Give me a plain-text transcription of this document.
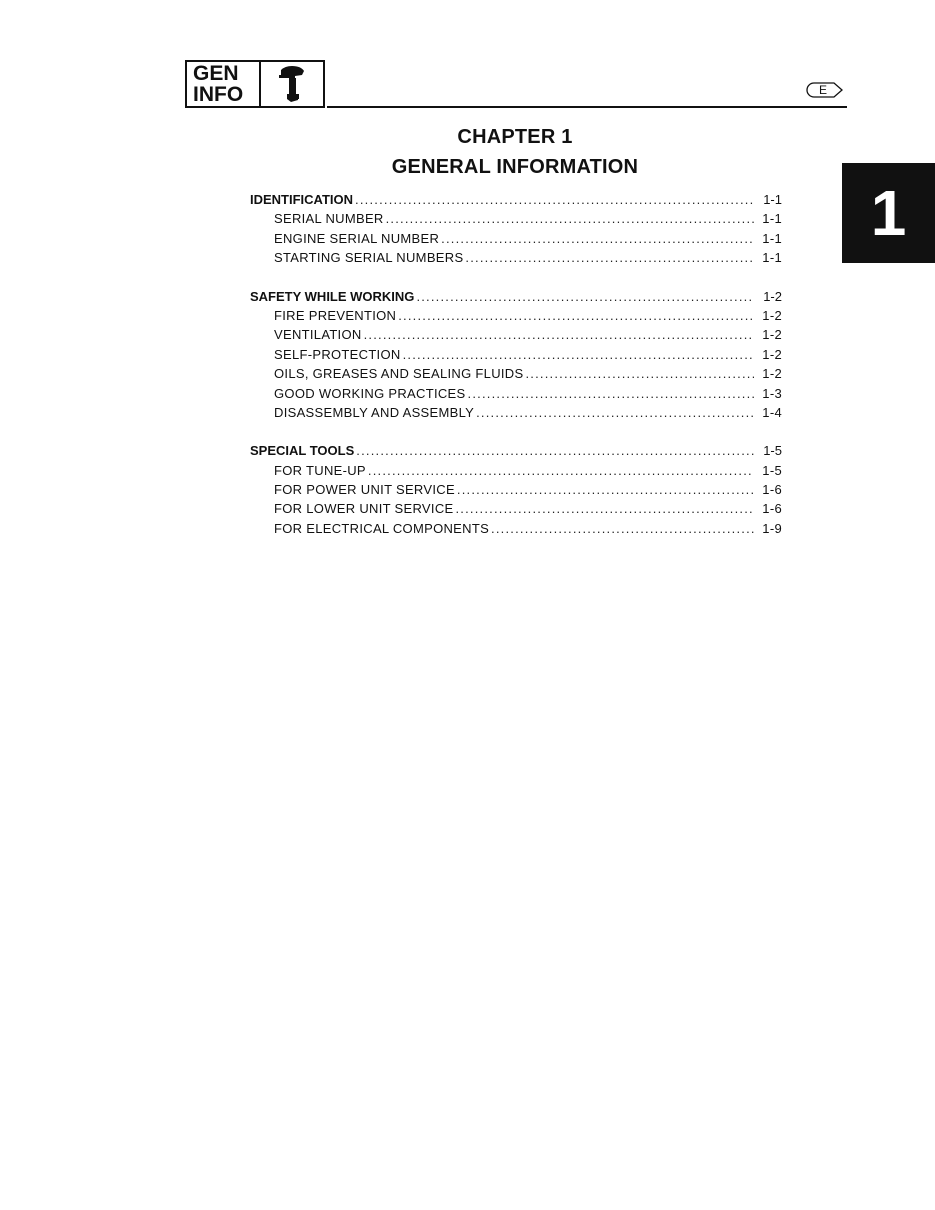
GEN
INFO	E
1
CHAPTER 1
GENERAL INFORMATION
IDENTIFICATION .....	1-1
SERIAL NUMBER .....	1-1
ENGINE SERIAL NUMBER .....	1-1
STARTING SERIAL NUMBERS .....	1-1
SAFETY WHILE WORKING .....	1-2
FIRE PREVENTION .....	1-2
VENTILATION .....	1-2
SELF-PROTECTION .....	1-2
OILS, GREASES AND SEALING FLUIDS .....	1-2
GOOD WORKING PRACTICES .....	1-3
DISASSEMBLY AND ASSEMBLY .....	1-4
SPECIAL TOOLS .....	1-5
FOR TUNE-UP .....	1-5
FOR POWER UNIT SERVICE .....	1-6
FOR LOWER UNIT SERVICE .....	1-6
FOR ELECTRICAL COMPONENTS .....	1-9
